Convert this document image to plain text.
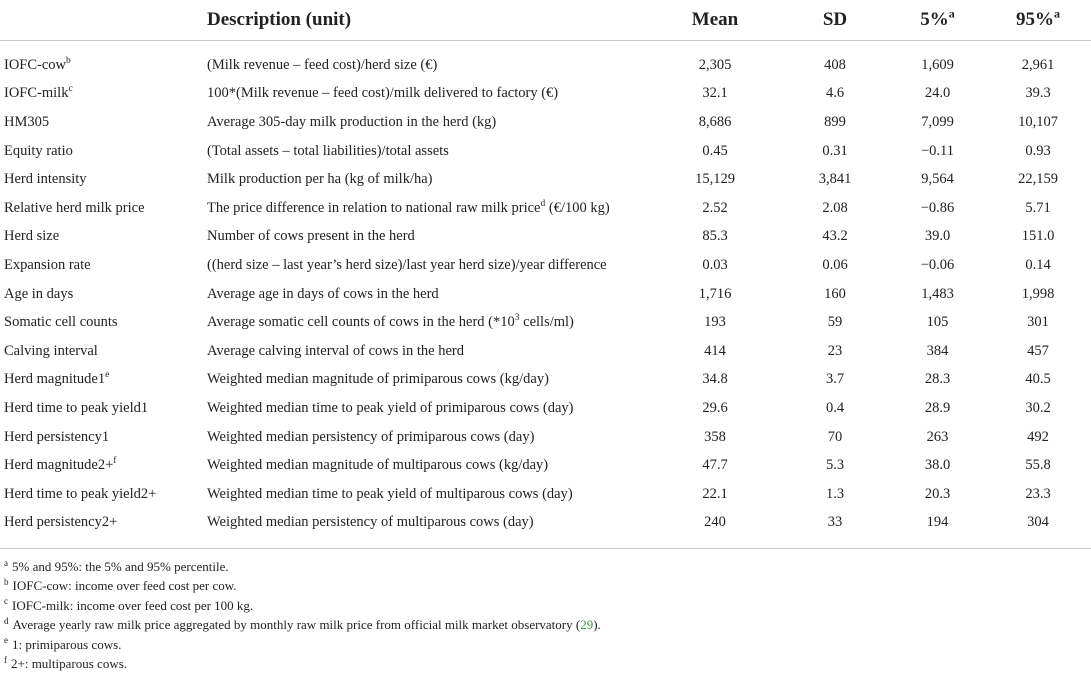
	Description (unit)	Mean	SD	5%$^a$	95%$^a$
IOFC-cow$^b$	(Milk revenue – feed cost)/herd size (€)	2,305	408	1,609	2,961
IOFC-milk$^c$	100*(Milk revenue – feed cost)/milk delivered to factory (€)	32.1	4.6	24.0	39.3
HM305	Average 305-day milk production in the herd (kg)	8,686	899	7,099	10,107
Equity ratio	(Total assets – total liabilities)/total assets	0.45	0.31	−0.11	0.93
Herd intensity	Milk production per ha (kg of milk/ha)	15,129	3,841	9,564	22,159
Relative herd milk price	The price difference in relation to national raw milk price$^d$ (€/100 kg)	2.52	2.08	−0.86	5.71
Herd size	Number of cows present in the herd	85.3	43.2	39.0	151.0
Expansion rate	((herd size – last year’s herd size)/last year herd size)/year difference	0.03	0.06	−0.06	0.14
Age in days	Average age in days of cows in the herd	1,716	160	1,483	1,998
Somatic cell counts	Average somatic cell counts of cows in the herd ($*10^3$ cells/ml)	193	59	105	301
Calving interval	Average calving interval of cows in the herd	414	23	384	457
Herd magnitude1e	Weighted median magnitude of primiparous cows (kg/day)	34.8	3.7	28.3	40.5
Herd time to peak yield1	Weighted median time to peak yield of primiparous cows (day)	29.6	0.4	28.9	30.2
Herd persistency1	Weighted median persistency of primiparous cows (day)	358	70	263	492
Herd magnitude2+$^f$	Weighted median magnitude of multiparous cows (kg/day)	47.7	5.3	38.0	55.8
Herd time to peak yield2+	Weighted median time to peak yield of multiparous cows (day)	22.1	1.3	20.3	23.3
Herd persistency2+	Weighted median persistency of multiparous cows (day)	240	33	194	304
$^a$ 5% and 95%: the 5% and 95% percentile.
$^b$ IOFC-cow: income over feed cost per cow.
$^c$ IOFC-milk: income over feed cost per 100 kg.
$^d$ Average yearly raw milk price aggregated by monthly raw milk price from official milk market observatory (29).
$^e$ 1: primiparous cows.
$^f$ 2+: multiparous cows.
